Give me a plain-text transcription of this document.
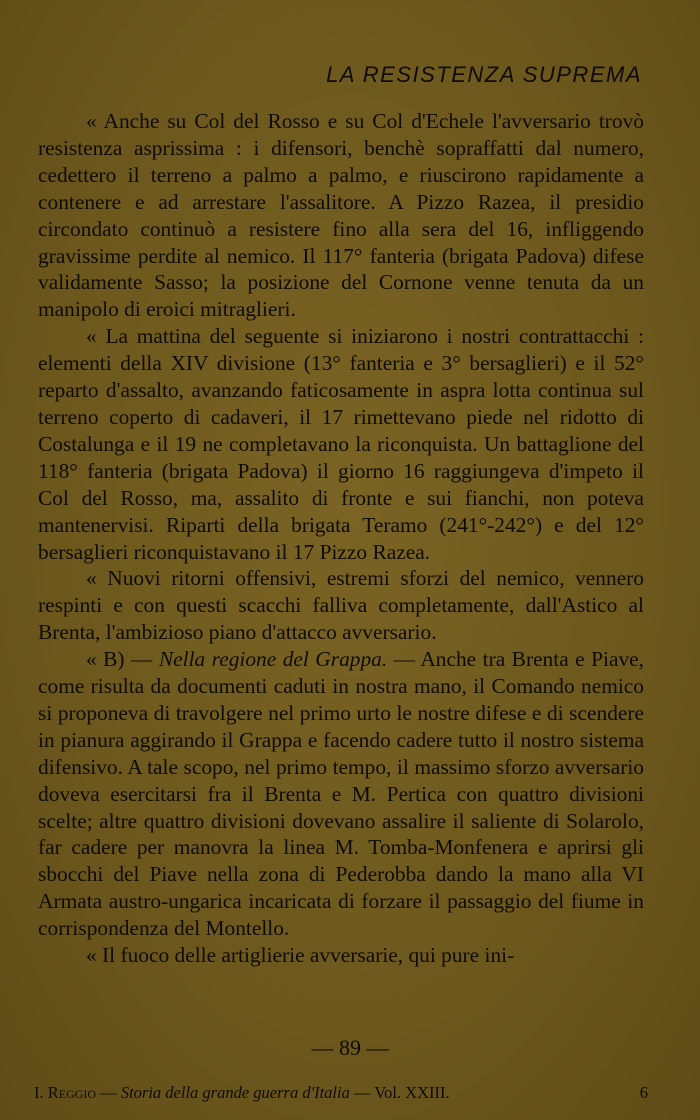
LA RESISTENZA SUPREMA

« Anche su Col del Rosso e su Col d'Echele l'avversario trovò resistenza asprissima : i difensori, benchè sopraffatti dal numero, cedettero il terreno a palmo a palmo, e riuscirono rapidamente a contenere e ad arrestare l'assalitore. A Pizzo Razea, il presidio circondato continuò a resistere fino alla sera del 16, infliggendo gravissime perdite al nemico. Il 117° fanteria (brigata Padova) difese validamente Sasso; la posizione del Cornone venne tenuta da un manipolo di eroici mitraglieri.

« La mattina del seguente si iniziarono i nostri contrattacchi : elementi della XIV divisione (13° fanteria e 3° bersaglieri) e il 52° reparto d'assalto, avanzando faticosamente in aspra lotta continua sul terreno coperto di cadaveri, il 17 rimettevano piede nel ridotto di Costalunga e il 19 ne completavano la riconquista. Un battaglione del 118° fanteria (brigata Padova) il giorno 16 raggiungeva d'impeto il Col del Rosso, ma, assalito di fronte e sui fianchi, non poteva mantenervisi. Riparti della brigata Teramo (241°-242°) e del 12° bersaglieri riconquistavano il 17 Pizzo Razea.

« Nuovi ritorni offensivi, estremi sforzi del nemico, vennero respinti e con questi scacchi falliva completamente, dall'Astico al Brenta, l'ambizioso piano d'attacco avversario.

« B) — Nella regione del Grappa. — Anche tra Brenta e Piave, come risulta da documenti caduti in nostra mano, il Comando nemico si proponeva di travolgere nel primo urto le nostre difese e di scendere in pianura aggirando il Grappa e facendo cadere tutto il nostro sistema difensivo. A tale scopo, nel primo tempo, il massimo sforzo avversario doveva esercitarsi fra il Brenta e M. Pertica con quattro divisioni scelte; altre quattro divisioni dovevano assalire il saliente di Solarolo, far cadere per manovra la linea M. Tomba-Monfenera e aprirsi gli sbocchi del Piave nella zona di Pederobba dando la mano alla VI Armata austro-ungarica incaricata di forzare il passaggio del fiume in corrispondenza del Montello.

« Il fuoco delle artiglierie avversarie, qui pure ini-

— 89 —
I. Reggio — Storia della grande guerra d'Italia — Vol. XXIII.	6
